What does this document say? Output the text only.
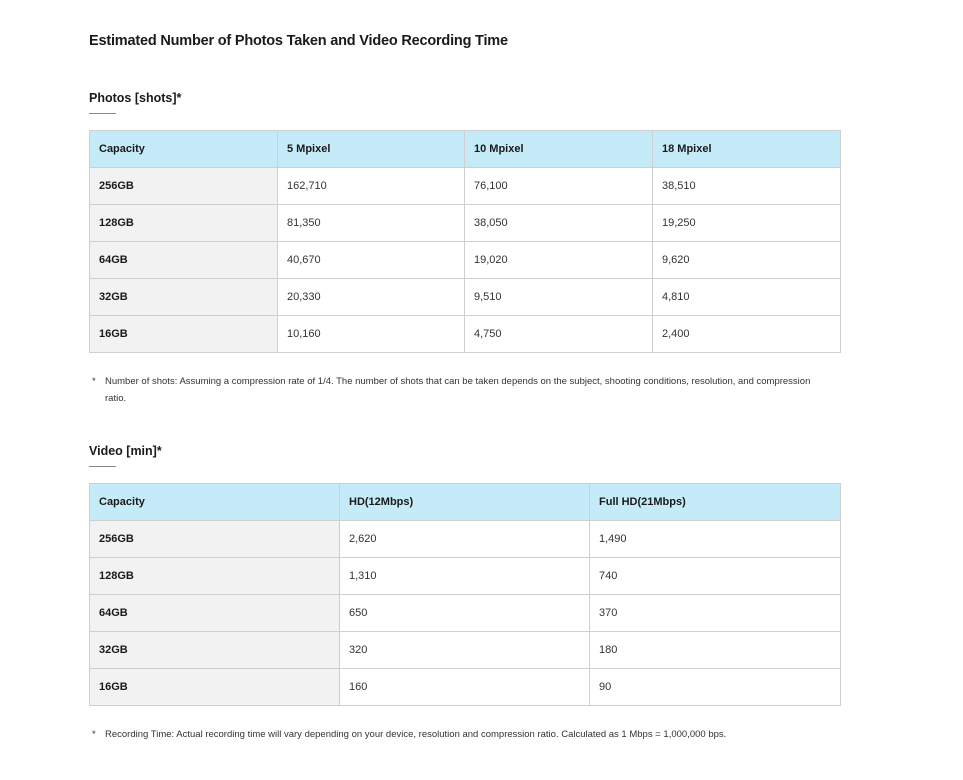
Estimated Number of Photos Taken and Video Recording Time
Photos [shots]*
Capacity	5 Mpixel	10 Mpixel	18 Mpixel
256GB	162,710	76,100	38,510
128GB	81,350	38,050	19,250
64GB	40,670	19,020	9,620
32GB	20,330	9,510	4,810
16GB	10,160	4,750	2,400
* Number of shots: Assuming a compression rate of 1/4. The number of shots that can be taken depends on the subject, shooting conditions, resolution, and compression ratio.
Video [min]*
Capacity	HD(12Mbps)	Full HD(21Mbps)
256GB	2,620	1,490
128GB	1,310	740
64GB	650	370
32GB	320	180
16GB	160	90
* Recording Time: Actual recording time will vary depending on your device, resolution and compression ratio. Calculated as 1 Mbps = 1,000,000 bps.
